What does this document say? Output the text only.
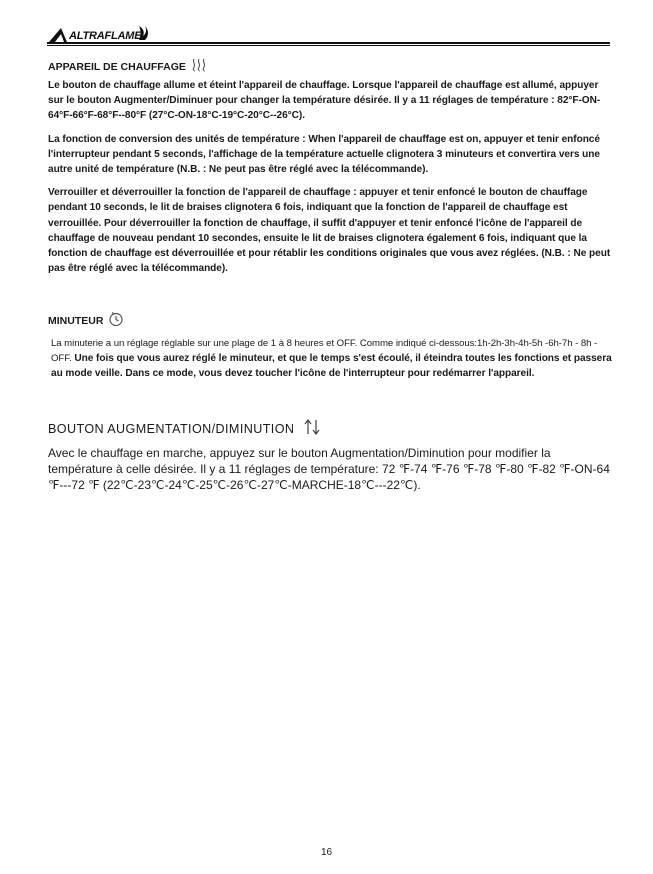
ALTRAFLAME
APPAREIL DE CHAUFFAGE

Le bouton de chauffage allume et éteint l'appareil de chauffage. Lorsque l'appareil de chauffage est allumé, appuyer sur le bouton Augmenter/Diminuer pour changer la température désirée. Il y a 11 réglages de température : 82°F-ON-64°F-66°F-68°F--80°F (27°C-ON-18°C-19°C-20°C--26°C).

La fonction de conversion des unités de température : When l'appareil de chauffage est on, appuyer et tenir enfoncé l'interrupteur pendant 5 seconds, l'affichage de la température actuelle clignotera 3 minuteurs et convertira vers une autre unité de température (N.B. : Ne peut pas être réglé avec la télécommande).

Verrouiller et déverrouiller la fonction de l'appareil de chauffage : appuyer et tenir enfoncé le bouton de chauffage pendant 10 seconds, le lit de braises clignotera 6 fois, indiquant que la fonction de l'appareil de chauffage est verrouillée. Pour déverrouiller la fonction de chauffage, il suffit d'appuyer et tenir enfoncé l'icône de l'appareil de chauffage de nouveau pendant 10 secondes, ensuite le lit de braises clignotera également 6 fois, indiquant que la fonction de chauffage est déverrouillée et pour rétablir les conditions originales que vous avez réglées. (N.B. : Ne peut pas être réglé avec la télécommande).

MINUTEUR

La minuterie a un réglage réglable sur une plage de 1 à 8 heures et OFF. Comme indiqué ci-dessous:1h-2h-3h-4h-5h -6h-7h - 8h -OFF. Une fois que vous aurez réglé le minuteur, et que le temps s'est écoulé, il éteindra toutes les fonctions et passera au mode veille. Dans ce mode, vous devez toucher l'icône de l'interrupteur pour redémarrer l'appareil.

BOUTON AUGMENTATION/DIMINUTION

Avec le chauffage en marche, appuyez sur le bouton Augmentation/Diminution pour modifier la température à celle désirée. Il y a 11 réglages de température: 72 ℉-74 ℉-76 ℉-78 ℉-80 ℉-82 ℉-ON-64 ℉---72 ℉ (22℃-23℃-24℃-25℃-26℃-27℃-MARCHE-18℃---22℃).

16
